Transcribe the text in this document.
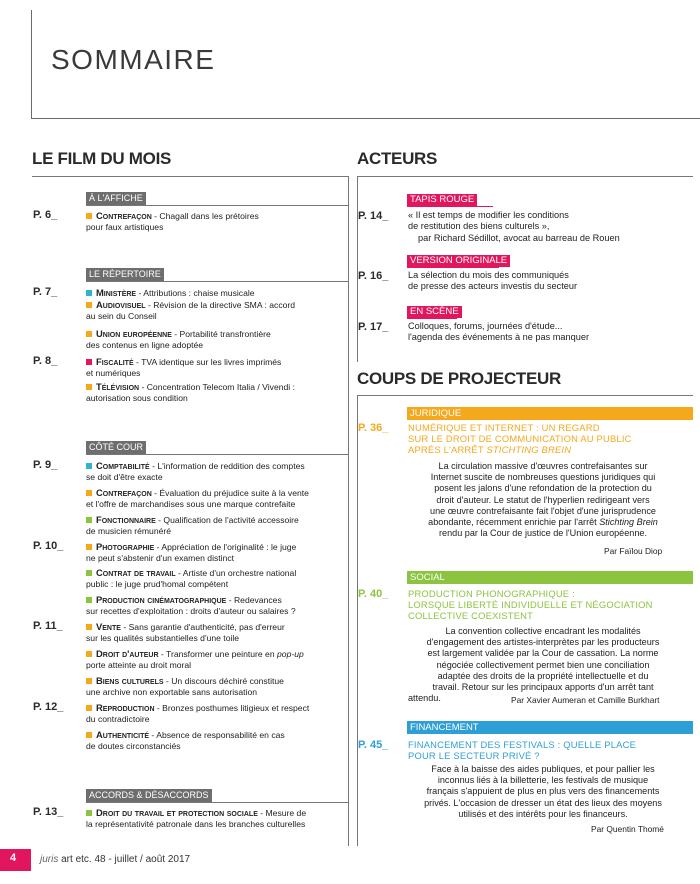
SOMMAIRE
LE FILM DU MOIS
À L'AFFICHE
P. 6_	Contrefaçon - Chagall dans les prétoires
pour faux artistiques
LE RÉPERTOIRE
P. 7_	Ministère - Attributions : chaise musicale
Audiovisuel - Révision de la directive SMA : accord
au sein du Conseil
Union européenne - Portabilité transfrontière
des contenus en ligne adoptée
P. 8_	Fiscalité - TVA identique sur les livres imprimés
et numériques
Télévision - Concentration Telecom Italia / Vivendi :
autorisation sous condition
CÔTÉ COUR
P. 9_	Comptabilité - L'information de reddition des comptes
se doit d'être exacte
Contrefaçon - Évaluation du préjudice suite à la vente
et l'offre de marchandises sous une marque contrefaite
Fonctionnaire - Qualification de l'activité accessoire
de musicien rémunéré
P. 10_	Photographie - Appréciation de l'originalité : le juge
ne peut s'abstenir d'un examen distinct
Contrat de travail - Artiste d'un orchestre national
public : le juge prud'homal compétent
Production cinématographique - Redevances
sur recettes d'exploitation : droits d'auteur ou salaires ?
P. 11_	Vente - Sans garantie d'authenticité, pas d'erreur
sur les qualités substantielles d'une toile
Droit d'auteur - Transformer une peinture en pop-up
porte atteinte au droit moral
Biens culturels - Un discours déchiré constitue
une archive non exportable sans autorisation
P. 12_	Reproduction - Bronzes posthumes litigieux et respect
du contradictoire
Authenticité - Absence de responsabilité en cas
de doutes circonstanciés
ACCORDS & DÉSACCORDS
P. 13_	Droit du travail et protection sociale - Mesure de
la représentativité patronale dans les branches culturelles
ACTEURS
TAPIS ROUGE
P. 14_ « Il est temps de modifier les conditions
de restitution des biens culturels »,

par Richard Sédillot, avocat au barreau de Rouen
VERSION ORIGINALE
P. 16_ La sélection du mois des communiqués
de presse des acteurs investis du secteur
EN SCÈNE
P. 17_ Colloques, forums, journées d'étude...
l'agenda des événements à ne pas manquer
COUPS DE PROJECTEUR
JURIDIQUE
P. 36_ NUMÉRIQUE ET INTERNET : UN REGARD
SUR LE DROIT DE COMMUNICATION AU PUBLIC
APRÈS L'ARRÊT STICHTING BREIN
La circulation massive d'œuvres contrefaisantes sur
Internet suscite de nombreuses questions juridiques qui
posent les jalons d'une refondation de la protection du
droit d'auteur. Le statut de l'hyperlien redirigeant vers
une œuvre contrefaisante fait l'objet d'une jurisprudence
abondante, récemment enrichie par l'arrêt Stichting Brein
rendu par la Cour de justice de l'Union européenne.
Par Faïlou Diop
SOCIAL
P. 40_ PRODUCTION PHONOGRAPHIQUE :
LORSQUE LIBERTÉ INDIVIDUELLE ET NÉGOCIATION
COLLECTIVE COEXISTENT
La convention collective encadrant les modalités
d'engagement des artistes-interprètes par les producteurs
est largement validée par la Cour de cassation. La norme
négociée collectivement permet bien une conciliation
adaptée des droits de la propriété intellectuelle et du
travail. Retour sur les principaux apports d'un arrêt tant
attendu.	Par Xavier Aumeran et Camille Burkhart
FINANCEMENT
P. 45_ FINANCEMENT DES FESTIVALS : QUELLE PLACE
POUR LE SECTEUR PRIVÉ ?
Face à la baisse des aides publiques, et pour pallier les
inconnus liés à la billetterie, les festivals de musique
français s'appuient de plus en plus vers des financements
privés. L'occasion de dresser un état des lieux des moyens
utilisés et des intérêts pour les financeurs.
Par Quentin Thomé
4 juris art etc. 48 - juillet / août 2017
